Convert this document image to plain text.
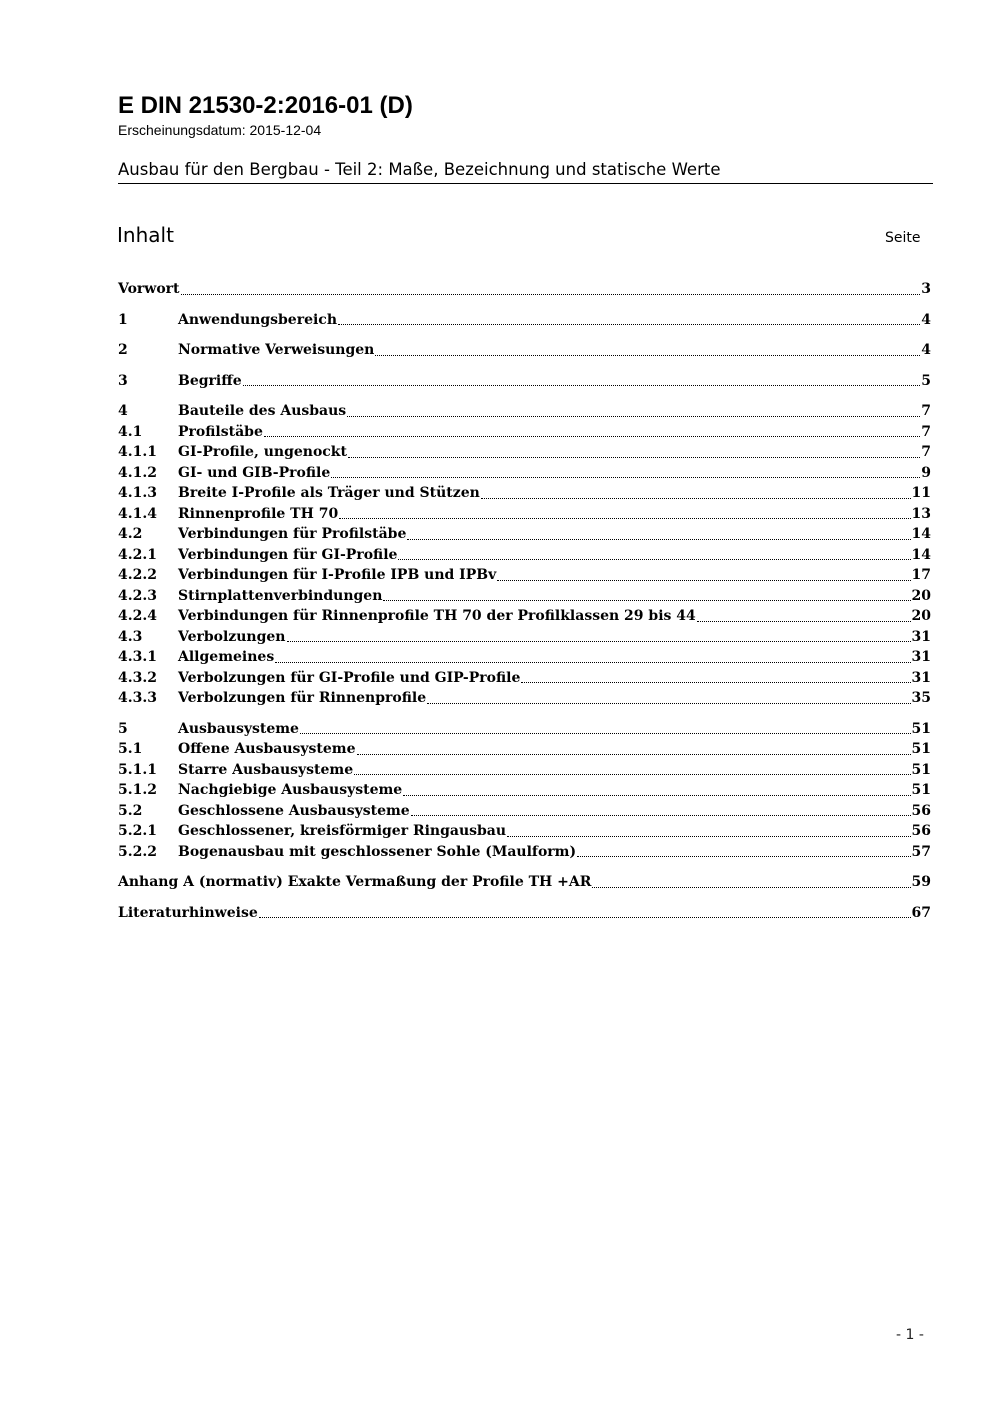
E DIN 21530-2:2016-01 (D)
Erscheinungsdatum: 2015-12-04
Ausbau für den Bergbau - Teil 2: Maße, Bezeichnung und statische Werte
Inhalt	Seite
Vorwort	3
1	Anwendungsbereich	4
2	Normative Verweisungen	4
3	Begriffe	5
4	Bauteile des Ausbaus	7
4.1	Profilstäbe	7
4.1.1	GI-Profile, ungenockt	7
4.1.2	GI- und GIB-Profile	9
4.1.3	Breite I-Profile als Träger und Stützen	11
4.1.4	Rinnenprofile TH 70	13
4.2	Verbindungen für Profilstäbe	14
4.2.1	Verbindungen für GI-Profile	14
4.2.2	Verbindungen für I-Profile IPB und IPBv	17
4.2.3	Stirnplattenverbindungen	20
4.2.4	Verbindungen für Rinnenprofile TH 70 der Profilklassen 29 bis 44	20
4.3	Verbolzungen	31
4.3.1	Allgemeines	31
4.3.2	Verbolzungen für GI-Profile und GIP-Profile	31
4.3.3	Verbolzungen für Rinnenprofile	35
5	Ausbausysteme	51
5.1	Offene Ausbausysteme	51
5.1.1	Starre Ausbausysteme	51
5.1.2	Nachgiebige Ausbausysteme	51
5.2	Geschlossene Ausbausysteme	56
5.2.1	Geschlossener, kreisförmiger Ringausbau	56
5.2.2	Bogenausbau mit geschlossener Sohle (Maulform)	57
Anhang A (normativ) Exakte Vermaßung der Profile TH +AR	59
Literaturhinweise	67
- 1 -
